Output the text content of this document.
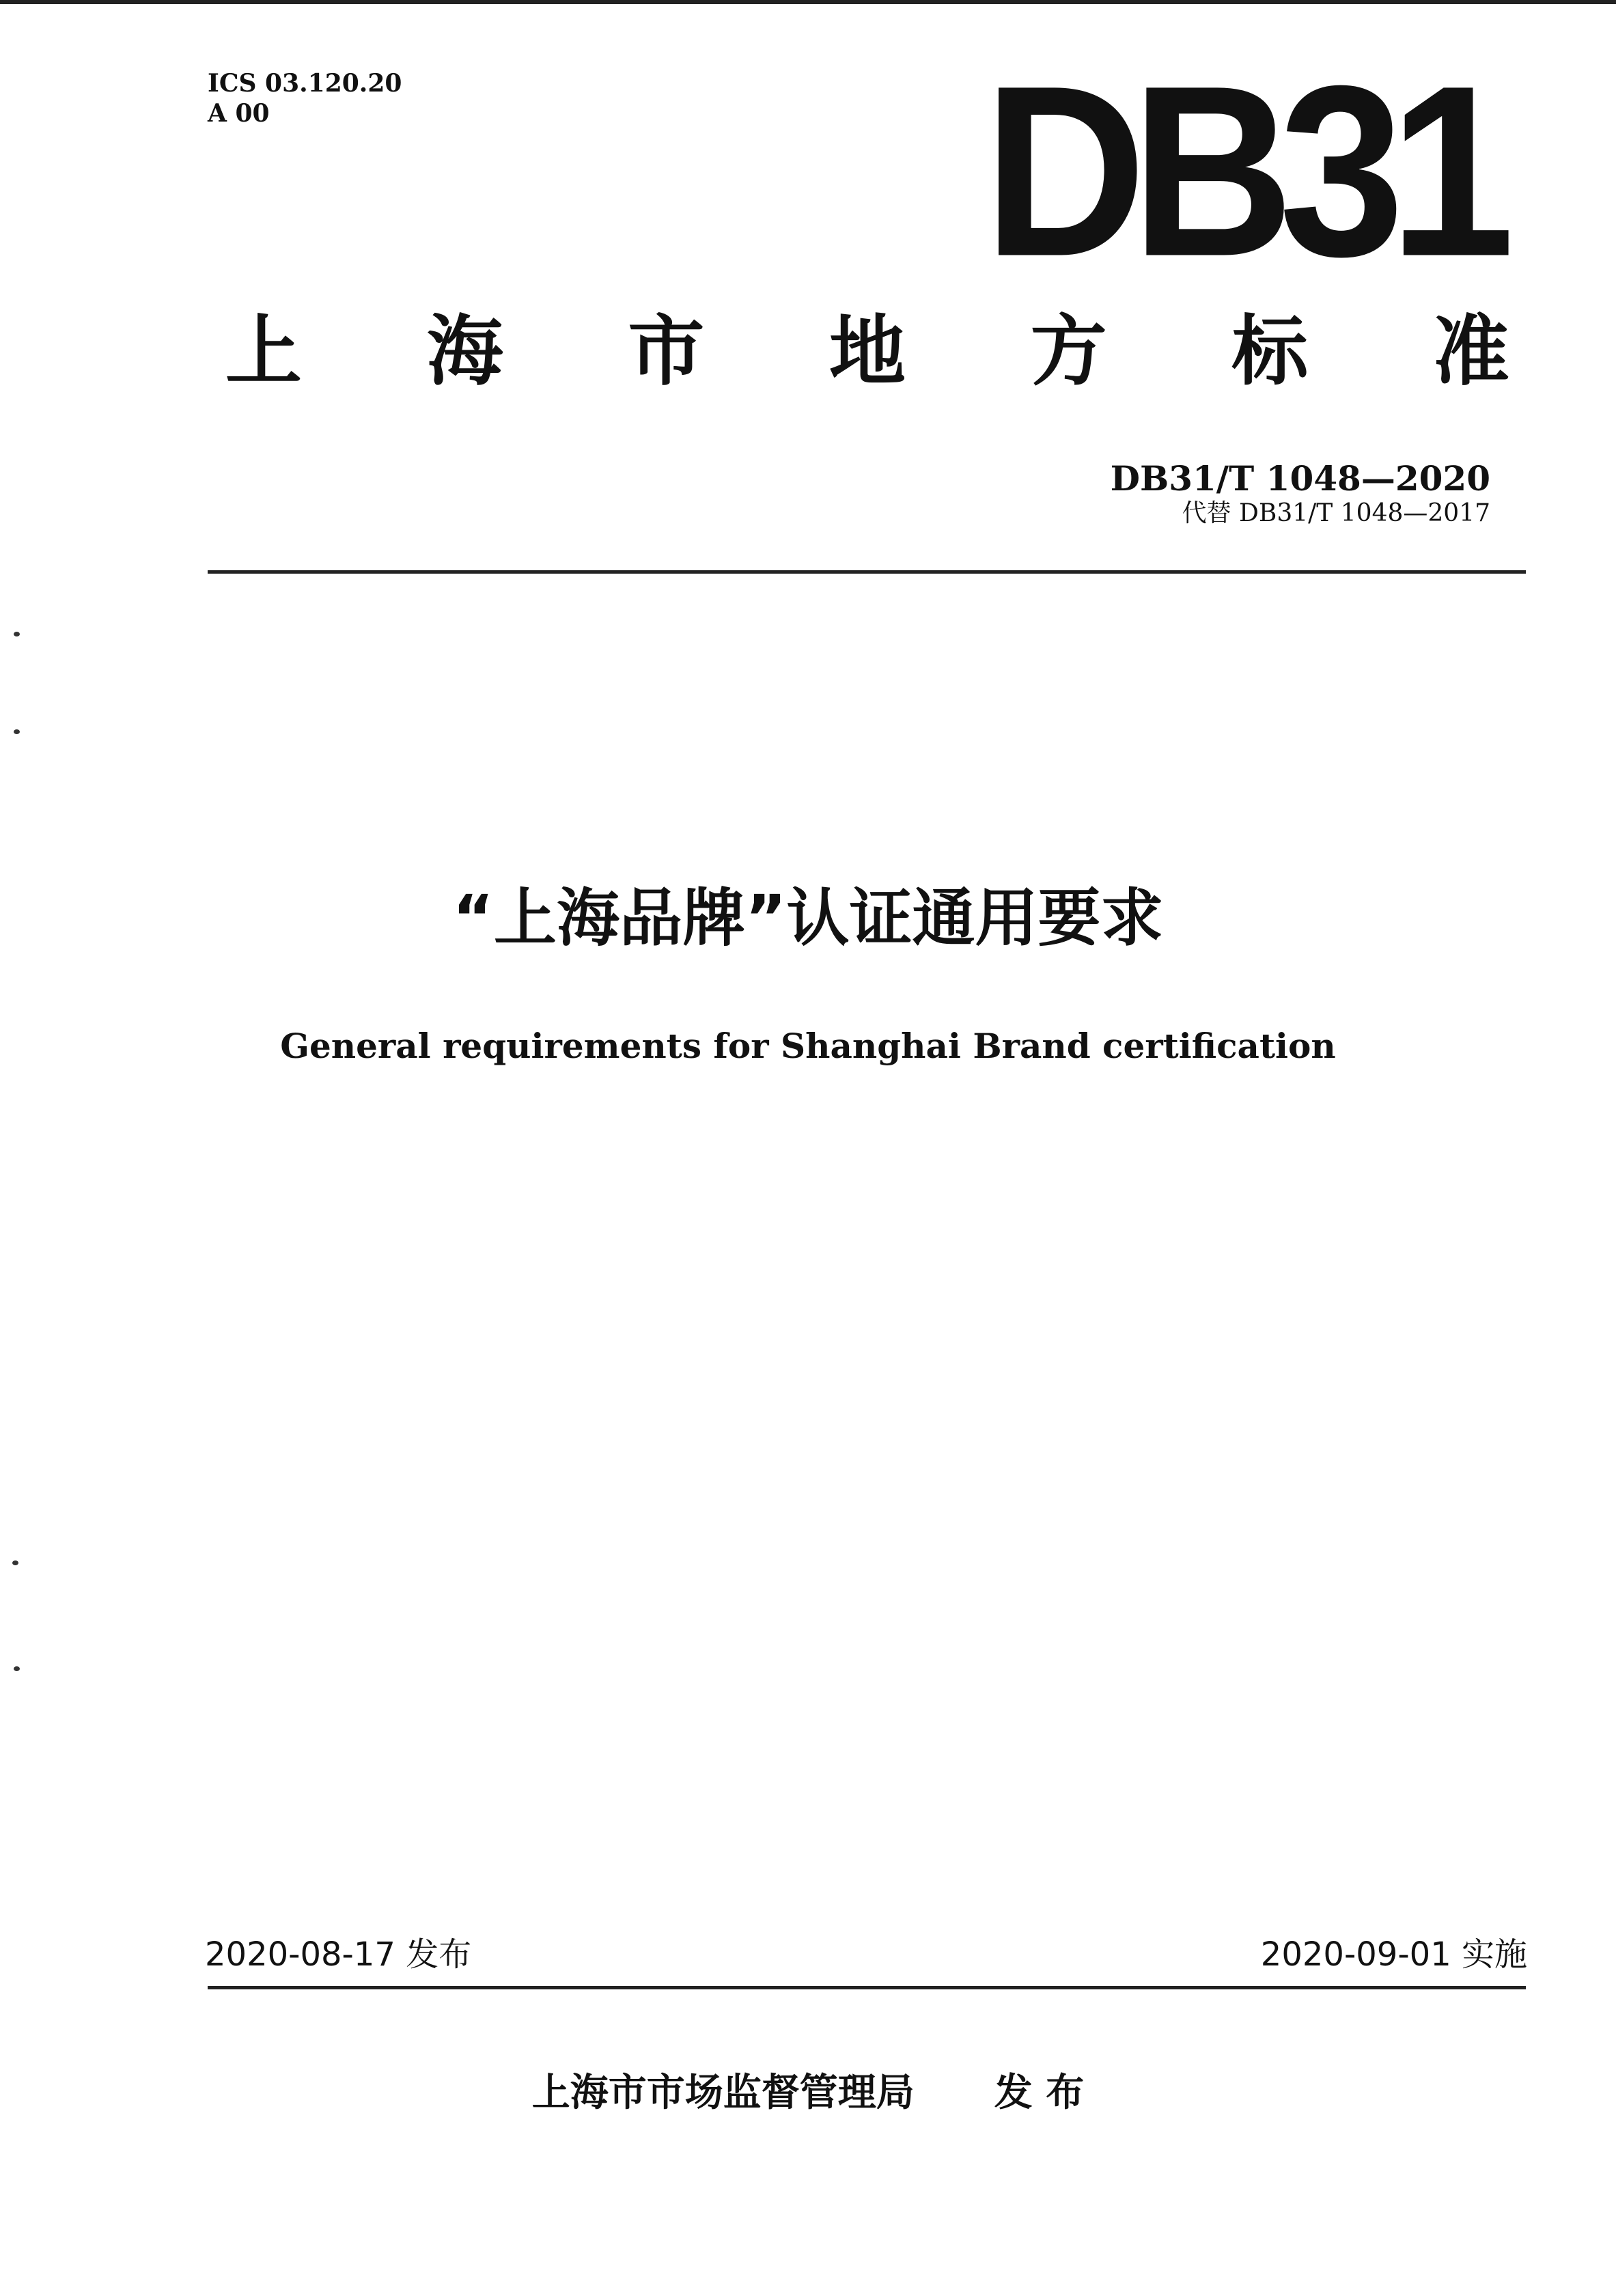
ICS 03.120.20
A 00	DB31
上 海 市 地 方 标 准
DB31/T 1048—2020
代替 DB31/T 1048—2017
“上海品牌”认证通用要求
General requirements for Shanghai Brand certification
2020-08-17 发布	2020-09-01 实施
上海市市场监督管理局 发 布
